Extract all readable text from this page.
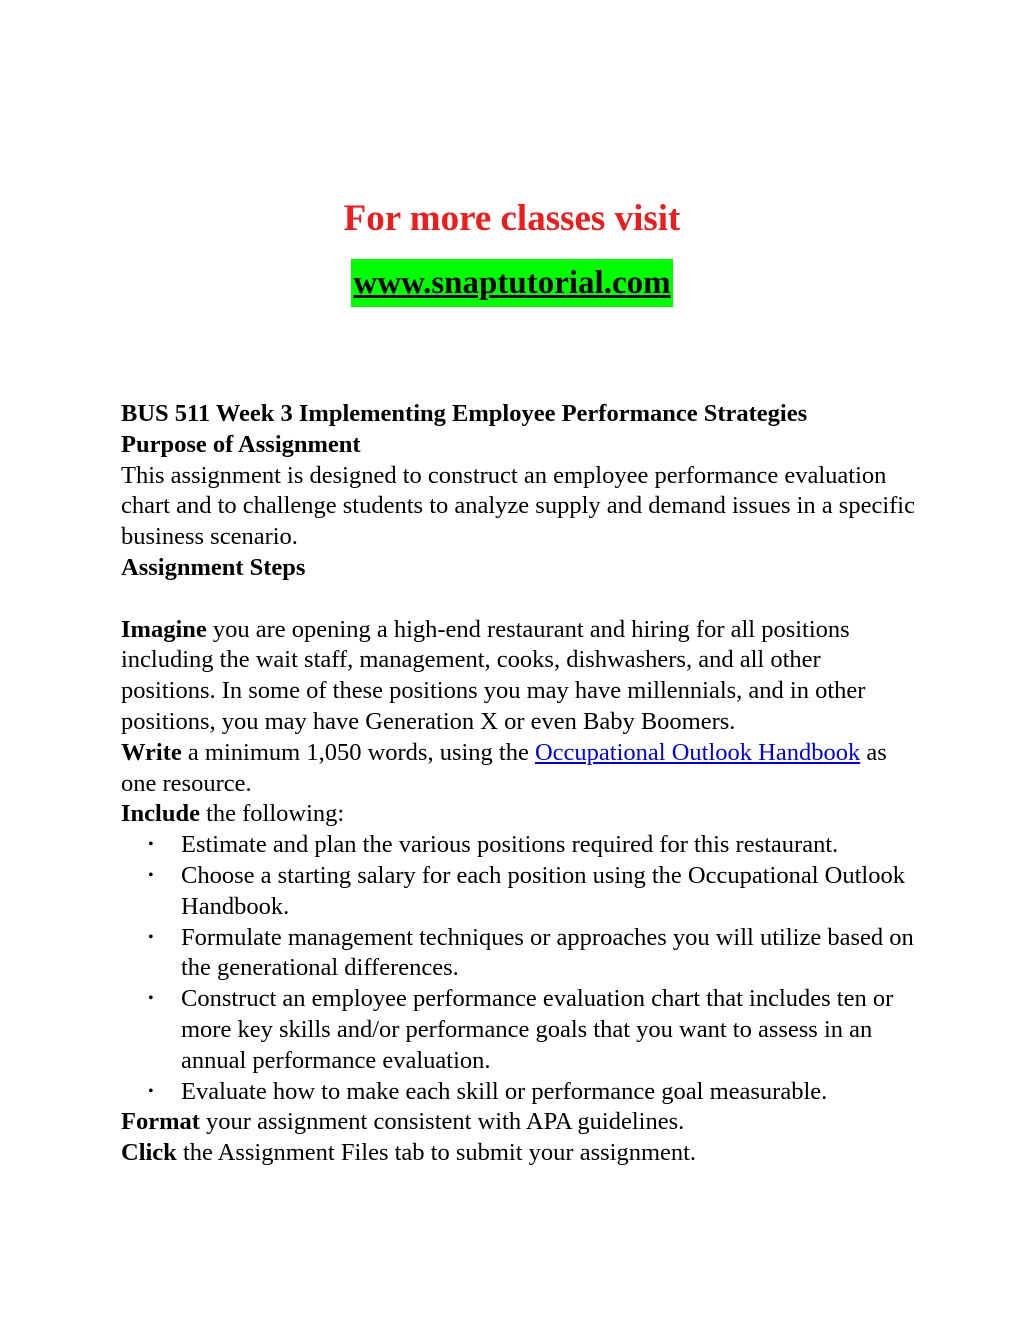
For more classes visit

www.snaptutorial.com

BUS 511 Week 3 Implementing Employee Performance Strategies

Purpose of Assignment

This assignment is designed to construct an employee performance evaluation chart and to challenge students to analyze supply and demand issues in a specific business scenario.

Assignment Steps

Imagine you are opening a high-end restaurant and hiring for all positions including the wait staff, management, cooks, dishwashers, and all other positions. In some of these positions you may have millennials, and in other positions, you may have Generation X or even Baby Boomers.

Write a minimum 1,050 words, using the Occupational Outlook Handbook as one resource.

Include the following:

• Estimate and plan the various positions required for this restaurant.
• Choose a starting salary for each position using the Occupational Outlook Handbook.
• Formulate management techniques or approaches you will utilize based on the generational differences.
• Construct an employee performance evaluation chart that includes ten or more key skills and/or performance goals that you want to assess in an annual performance evaluation.
• Evaluate how to make each skill or performance goal measurable.

Format your assignment consistent with APA guidelines.

Click the Assignment Files tab to submit your assignment.
